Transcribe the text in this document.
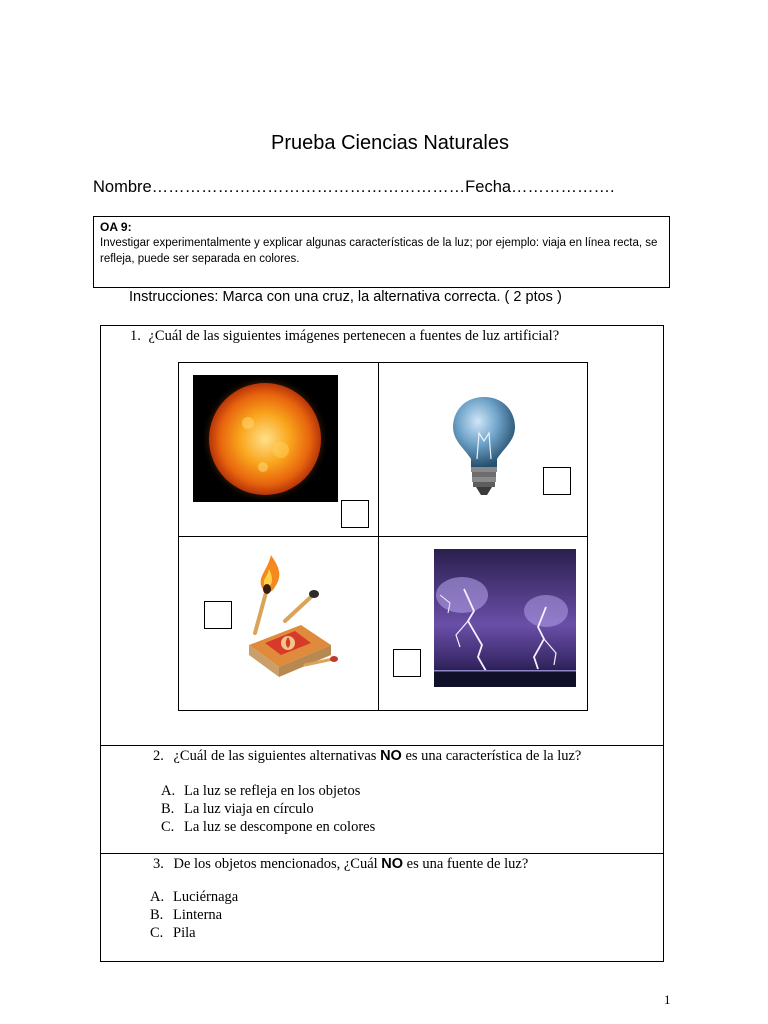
Prueba Ciencias Naturales
Nombre…………………………………………………Fecha……………….
OA 9:
Investigar experimentalmente y explicar algunas características de la luz; por ejemplo: viaja en línea recta, se refleja, puede ser separada en colores.
Instrucciones: Marca con una cruz, la alternativa correcta. ( 2 ptos )
1. ¿Cuál de las siguientes imágenes pertenecen a fuentes de luz artificial?
2. ¿Cuál de las siguientes alternativas NO es una característica de la luz?
A. La luz se refleja en los objetos
B. La luz viaja en círculo
C. La luz se descompone en colores
3. De los objetos mencionados, ¿Cuál NO es una fuente de luz?
A. Luciérnaga
B. Linterna
C. Pila
1
